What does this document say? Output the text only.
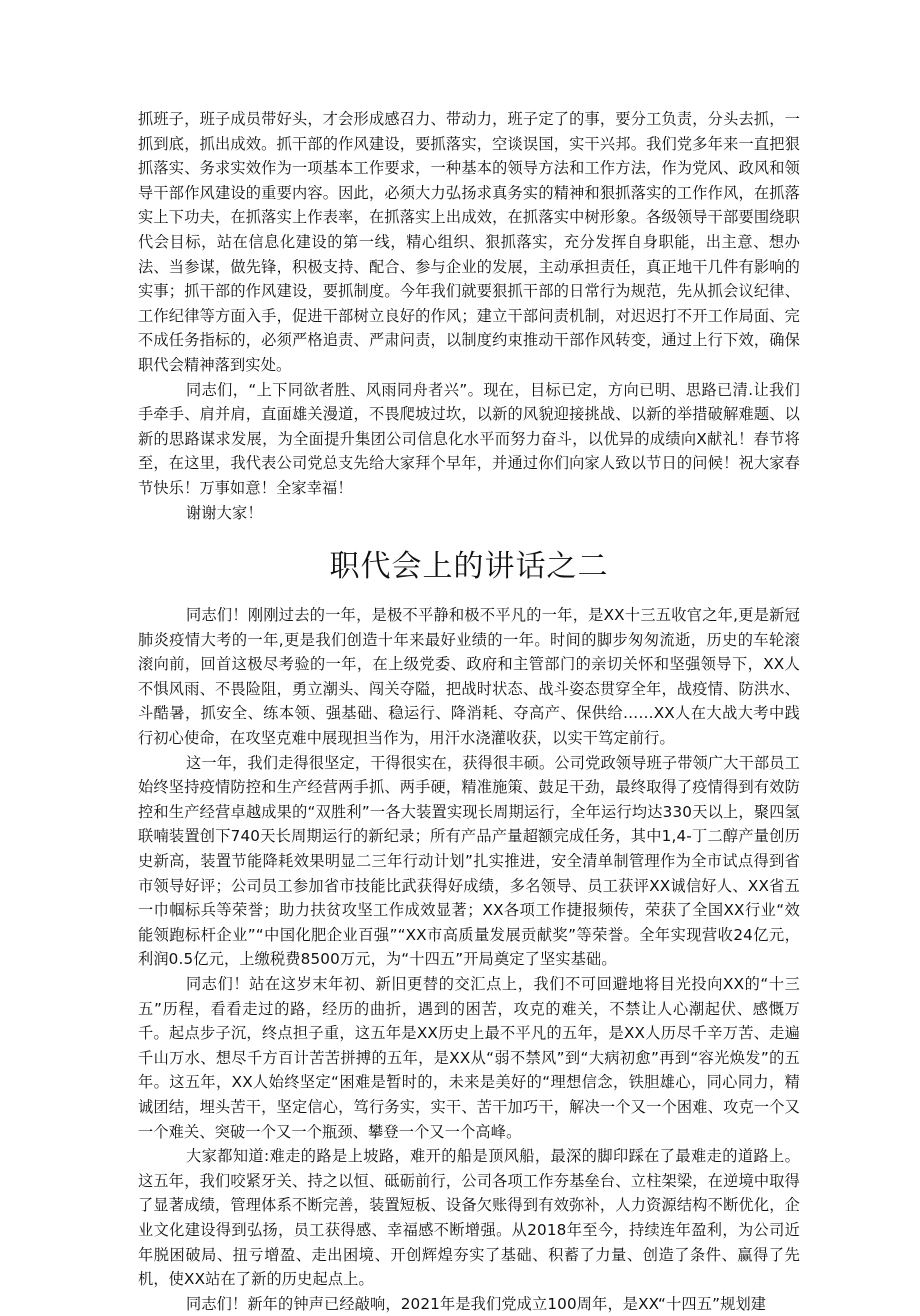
抓班子，班子成员带好头，才会形成感召力、带动力，班子定了的事，要分工负责，分头去抓，一抓到底，抓出成效。抓干部的作风建设，要抓落实，空谈误国，实干兴邦。我们党多年来一直把狠抓落实、务求实效作为一项基本工作要求，一种基本的领导方法和工作方法，作为党风、政风和领导干部作风建设的重要内容。因此，必须大力弘扬求真务实的精神和狠抓落实的工作作风，在抓落实上下功夫，在抓落实上作表率，在抓落实上出成效，在抓落实中树形象。各级领导干部要围绕职代会目标，站在信息化建设的第一线，精心组织、狠抓落实，充分发挥自身职能，出主意、想办法、当参谋，做先锋，积极支持、配合、参与企业的发展，主动承担责任，真正地干几件有影响的实事；抓干部的作风建设，要抓制度。今年我们就要狠抓干部的日常行为规范，先从抓会议纪律、工作纪律等方面入手，促进干部树立良好的作风；建立干部问责机制，对迟迟打不开工作局面、完不成任务指标的，必须严格追责、严肃问责，以制度约束推动干部作风转变，通过上行下效，确保职代会精神落到实处。

同志们，“上下同欲者胜、风雨同舟者兴”。现在，目标已定，方向已明、思路已清.让我们手牵手、肩并肩，直面雄关漫道，不畏爬坡过坎，以新的风貌迎接挑战、以新的举措破解难题、以新的思路谋求发展，为全面提升集团公司信息化水平而努力奋斗，以优异的成绩向X献礼！春节将至，在这里，我代表公司党总支先给大家拜个早年，并通过你们向家人致以节日的问候！祝大家春节快乐！万事如意！全家幸福！

谢谢大家！

职代会上的讲话之二

同志们！刚刚过去的一年，是极不平静和极不平凡的一年，是XX十三五收官之年,更是新冠肺炎疫情大考的一年,更是我们创造十年来最好业绩的一年。时间的脚步匆匆流逝，历史的车轮滚滚向前，回首这极尽考验的一年，在上级党委、政府和主管部门的亲切关怀和坚强领导下，XX人不惧风雨、不畏险阻，勇立潮头、闯关夺隘，把战时状态、战斗姿态贯穿全年，战疫情、防洪水、斗酷暑，抓安全、练本领、强基础、稳运行、降消耗、夺高产、保供给……XX人在大战大考中践行初心使命，在攻坚克难中展现担当作为，用汗水浇灌收获，以实干笃定前行。

这一年，我们走得很坚定，干得很实在，获得很丰硕。公司党政领导班子带领广大干部员工始终坚持疫情防控和生产经营两手抓、两手硬，精准施策、鼓足干劲，最终取得了疫情得到有效防控和生产经营卓越成果的“双胜利”一各大装置实现长周期运行，全年运行均达330天以上，聚四氢联喃装置创下740天长周期运行的新纪录；所有产品产量超额完成任务，其中1,4-丁二醇产量创历史新高，装置节能降耗效果明显二三年行动计划”扎实推进，安全清单制管理作为全市试点得到省市领导好评；公司员工参加省市技能比武获得好成绩，多名领导、员工获评XX诚信好人、XX省五一巾帼标兵等荣誉；助力扶贫攻坚工作成效显著；XX各项工作捷报频传，荣获了全国XX行业“效能领跑标杆企业”“中国化肥企业百强”“XX市高质量发展贡献奖”等荣誉。全年实现营收24亿元，利润0.5亿元，上缴税费8500万元，为“十四五”开局奠定了坚实基础。

同志们！站在这岁末年初、新旧更替的交汇点上，我们不可回避地将目光投向XX的“十三五”历程，看看走过的路，经历的曲折，遇到的困苦，攻克的难关，不禁让人心潮起伏、感慨万千。起点步子沉，终点担子重，这五年是XX历史上最不平凡的五年，是XX人历尽千辛万苦、走遍千山万水、想尽千方百计苦苦拼搏的五年，是XX从“弱不禁风”到“大病初愈”再到“容光焕发”的五年。这五年，XX人始终坚定“困难是暂时的，未来是美好的“理想信念，铁胆雄心，同心同力，精诚团结，埋头苦干，坚定信心，笃行务实，实干、苦干加巧干，解决一个又一个困难、攻克一个又一个难关、突破一个又一个瓶颈、攀登一个又一个高峰。

大家都知道:难走的路是上坡路，难开的船是顶风船，最深的脚印踩在了最难走的道路上。这五年，我们咬紧牙关、持之以恒、砥砺前行，公司各项工作夯基垒台、立柱架梁，在逆境中取得了显著成绩，管理体系不断完善，装置短板、设备欠账得到有效弥补，人力资源结构不断优化，企业文化建设得到弘扬，员工获得感、幸福感不断增强。从2018年至今，持续连年盈利，为公司近年脱困破局、扭亏增盈、走出困境、开创辉煌夯实了基础、积蓄了力量、创造了条件、赢得了先机，使XX站在了新的历史起点上。

同志们！新年的钟声已经敲响，2021年是我们党成立100周年，是XX“十四五”规划建
